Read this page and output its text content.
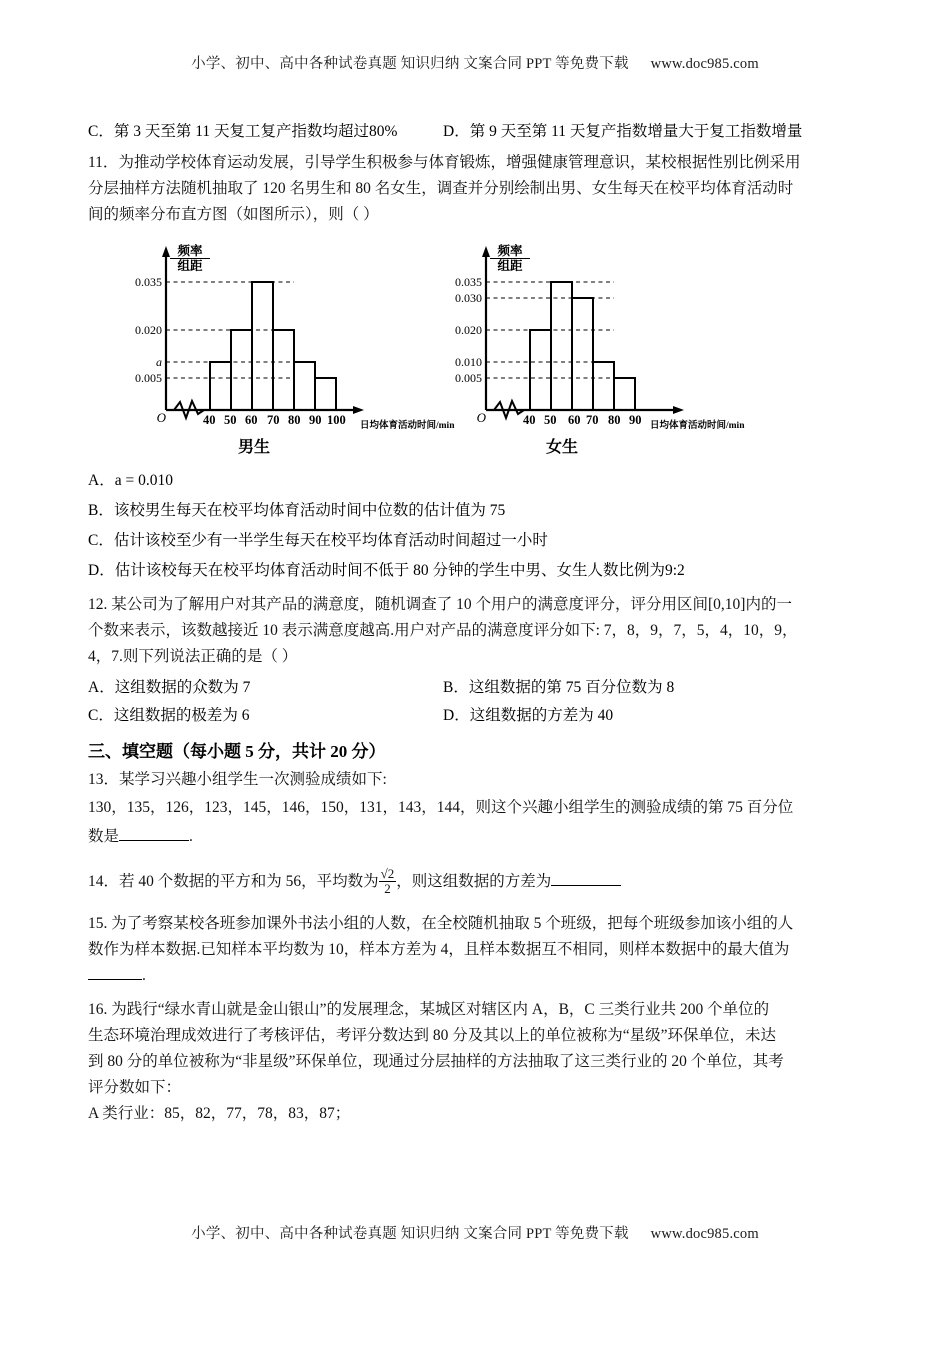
小学、初中、高中各种试卷真题 知识归纳 文案合同 PPT 等免费下载 www.doc985.com
C．第 3 天至第 11 天复工复产指数均超过80%	D．第 9 天至第 11 天复产指数增量大于复工指数增量
11．为推动学校体育运动发展，引导学生积极参与体育锻炼，增强健康管理意识，某校根据性别比例采用
分层抽样方法随机抽取了 120 名男生和 80 名女生，调查并分别绘制出男、女生每天在校平均体育活动时
间的频率分布直方图（如图所示），则（ ）
频率
组距
0.035
0.020
a
0.005
O	40 50 60 70 80 90 100 日均体育活动时间/min
男生
频率
组距
0.035
0.030
0.020
0.010
0.005
O	40 50 60 70 80 90 日均体育活动时间/min
女生
A．a = 0.010
B．该校男生每天在校平均体育活动时间中位数的估计值为 75
C．估计该校至少有一半学生每天在校平均体育活动时间超过一小时
D．估计该校每天在校平均体育活动时间不低于 80 分钟的学生中男、女生人数比例为9:2
12. 某公司为了解用户对其产品的满意度，随机调查了 10 个用户的满意度评分，评分用区间[0,10]内的一
个数来表示，该数越接近 10 表示满意度越高.用户对产品的满意度评分如下: 7，8，9，7，5，4，10，9，
4，7.则下列说法正确的是（ ）
A．这组数据的众数为 7	B．这组数据的第 75 百分位数为 8
C．这组数据的极差为 6	D．这组数据的方差为 40
三、填空题（每小题 5 分，共计 20 分）
13．某学习兴趣小组学生一次测验成绩如下:
130，135，126，123，145，146，150，131，143，144，则这个兴趣小组学生的测验成绩的第 75 百分位
数是	.
14．若 40 个数据的平方和为 56，平均数为 $\frac{√2}{2}$ ，则这组数据的方差为
15. 为了考察某校各班参加课外书法小组的人数，在全校随机抽取 5 个班级，把每个班级参加该小组的人
数作为样本数据.已知样本平均数为 10，样本方差为 4，且样本数据互不相同，则样本数据中的最大值为
.
16. 为践行“绿水青山就是金山银山”的发展理念，某城区对辖区内 A，B，C 三类行业共 200 个单位的
生态环境治理成效进行了考核评估，考评分数达到 80 分及其以上的单位被称为“星级”环保单位，未达
到 80 分的单位被称为“非星级”环保单位，现通过分层抽样的方法抽取了这三类行业的 20 个单位，其考
评分数如下：
A 类行业：85，82，77，78，83，87；
小学、初中、高中各种试卷真题 知识归纳 文案合同 PPT 等免费下载 www.doc985.com
